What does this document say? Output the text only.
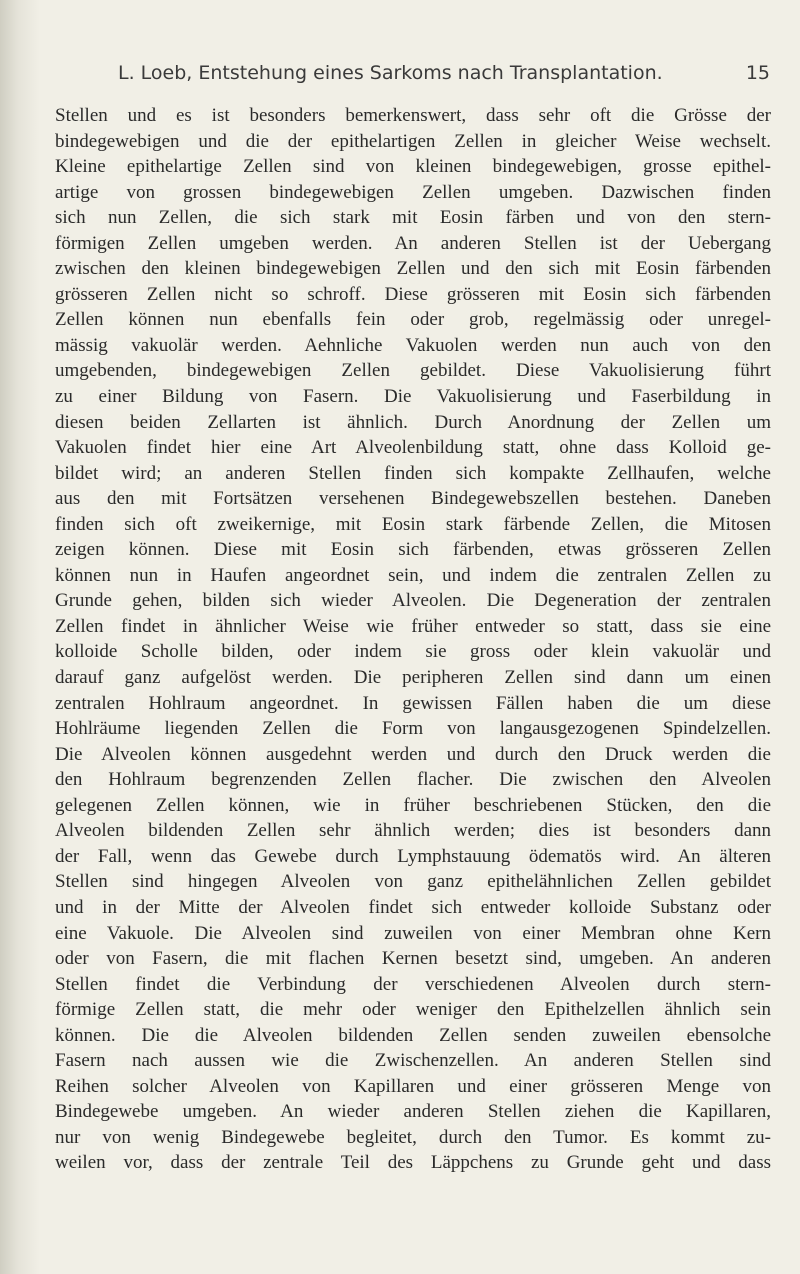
L. Loeb, Entstehung eines Sarkoms nach Transplantation.	15
Stellen und es ist besonders bemerkenswert, dass sehr oft die Grösse der
bindegewebigen und die der epithelartigen Zellen in gleicher Weise wechselt.
Kleine epithelartige Zellen sind von kleinen bindegewebigen, grosse epithel-
artige von grossen bindegewebigen Zellen umgeben. Dazwischen finden
sich nun Zellen, die sich stark mit Eosin färben und von den stern-
förmigen Zellen umgeben werden. An anderen Stellen ist der Uebergang
zwischen den kleinen bindegewebigen Zellen und den sich mit Eosin färbenden
grösseren Zellen nicht so schroff. Diese grösseren mit Eosin sich färbenden
Zellen können nun ebenfalls fein oder grob, regelmässig oder unregel-
mässig vakuolär werden. Aehnliche Vakuolen werden nun auch von den
umgebenden, bindegewebigen Zellen gebildet. Diese Vakuolisierung führt
zu einer Bildung von Fasern. Die Vakuolisierung und Faserbildung in
diesen beiden Zellarten ist ähnlich. Durch Anordnung der Zellen um
Vakuolen findet hier eine Art Alveolenbildung statt, ohne dass Kolloid ge-
bildet wird; an anderen Stellen finden sich kompakte Zellhaufen, welche
aus den mit Fortsätzen versehenen Bindegewebszellen bestehen. Daneben
finden sich oft zweikernige, mit Eosin stark färbende Zellen, die Mitosen
zeigen können. Diese mit Eosin sich färbenden, etwas grösseren Zellen
können nun in Haufen angeordnet sein, und indem die zentralen Zellen zu
Grunde gehen, bilden sich wieder Alveolen. Die Degeneration der zentralen
Zellen findet in ähnlicher Weise wie früher entweder so statt, dass sie eine
kolloide Scholle bilden, oder indem sie gross oder klein vakuolär und
darauf ganz aufgelöst werden. Die peripheren Zellen sind dann um einen
zentralen Hohlraum angeordnet. In gewissen Fällen haben die um diese
Hohlräume liegenden Zellen die Form von langausgezogenen Spindelzellen.
Die Alveolen können ausgedehnt werden und durch den Druck werden die
den Hohlraum begrenzenden Zellen flacher. Die zwischen den Alveolen
gelegenen Zellen können, wie in früher beschriebenen Stücken, den die
Alveolen bildenden Zellen sehr ähnlich werden; dies ist besonders dann
der Fall, wenn das Gewebe durch Lymphstauung ödematös wird. An älteren
Stellen sind hingegen Alveolen von ganz epithelähnlichen Zellen gebildet
und in der Mitte der Alveolen findet sich entweder kolloide Substanz oder
eine Vakuole. Die Alveolen sind zuweilen von einer Membran ohne Kern
oder von Fasern, die mit flachen Kernen besetzt sind, umgeben. An anderen
Stellen findet die Verbindung der verschiedenen Alveolen durch stern-
förmige Zellen statt, die mehr oder weniger den Epithelzellen ähnlich sein
können. Die die Alveolen bildenden Zellen senden zuweilen ebensolche
Fasern nach aussen wie die Zwischenzellen. An anderen Stellen sind
Reihen solcher Alveolen von Kapillaren und einer grösseren Menge von
Bindegewebe umgeben. An wieder anderen Stellen ziehen die Kapillaren,
nur von wenig Bindegewebe begleitet, durch den Tumor. Es kommt zu-
weilen vor, dass der zentrale Teil des Läppchens zu Grunde geht und dass
